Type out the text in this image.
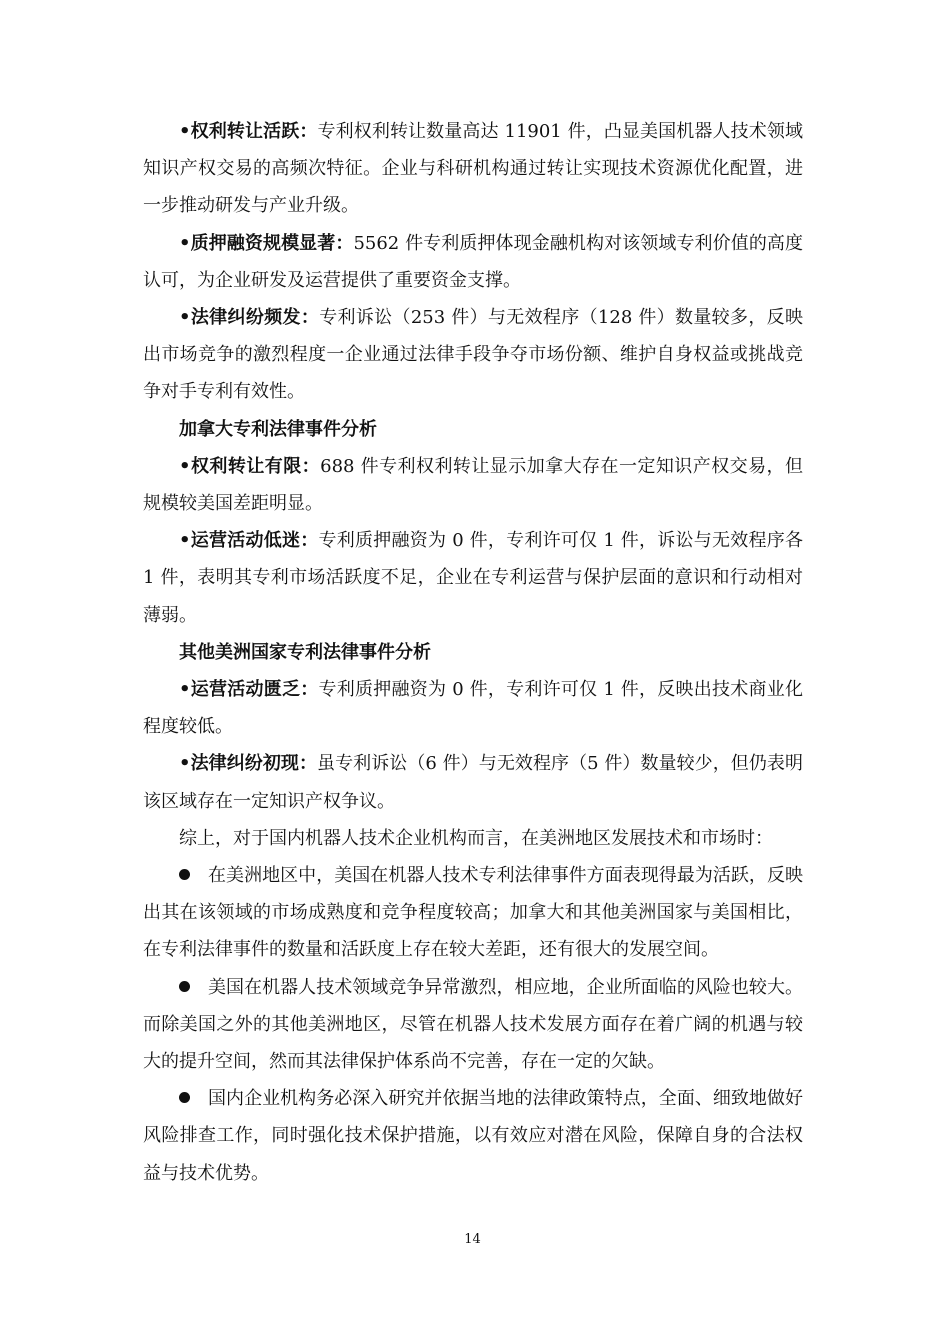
•权利转让活跃：专利权利转让数量高达 11901 件，凸显美国机器人技术领域知识产权交易的高频次特征。企业与科研机构通过转让实现技术资源优化配置，进一步推动研发与产业升级。

•质押融资规模显著：5562 件专利质押体现金融机构对该领域专利价值的高度认可，为企业研发及运营提供了重要资金支撑。

•法律纠纷频发：专利诉讼（253 件）与无效程序（128 件）数量较多，反映出市场竞争的激烈程度一企业通过法律手段争夺市场份额、维护自身权益或挑战竞争对手专利有效性。

加拿大专利法律事件分析

•权利转让有限：688 件专利权利转让显示加拿大存在一定知识产权交易，但规模较美国差距明显。

•运营活动低迷：专利质押融资为 0 件，专利许可仅 1 件，诉讼与无效程序各 1 件，表明其专利市场活跃度不足，企业在专利运营与保护层面的意识和行动相对薄弱。

其他美洲国家专利法律事件分析

•运营活动匮乏：专利质押融资为 0 件，专利许可仅 1 件，反映出技术商业化程度较低。

•法律纠纷初现：虽专利诉讼（6 件）与无效程序（5 件）数量较少，但仍表明该区域存在一定知识产权争议。

综上，对于国内机器人技术企业机构而言，在美洲地区发展技术和市场时：

在美洲地区中，美国在机器人技术专利法律事件方面表现得最为活跃，反映出其在该领域的市场成熟度和竞争程度较高；加拿大和其他美洲国家与美国相比，在专利法律事件的数量和活跃度上存在较大差距，还有很大的发展空间。

美国在机器人技术领域竞争异常激烈，相应地，企业所面临的风险也较大。而除美国之外的其他美洲地区，尽管在机器人技术发展方面存在着广阔的机遇与较大的提升空间，然而其法律保护体系尚不完善，存在一定的欠缺。

国内企业机构务必深入研究并依据当地的法律政策特点，全面、细致地做好风险排查工作，同时强化技术保护措施，以有效应对潜在风险，保障自身的合法权益与技术优势。

14
